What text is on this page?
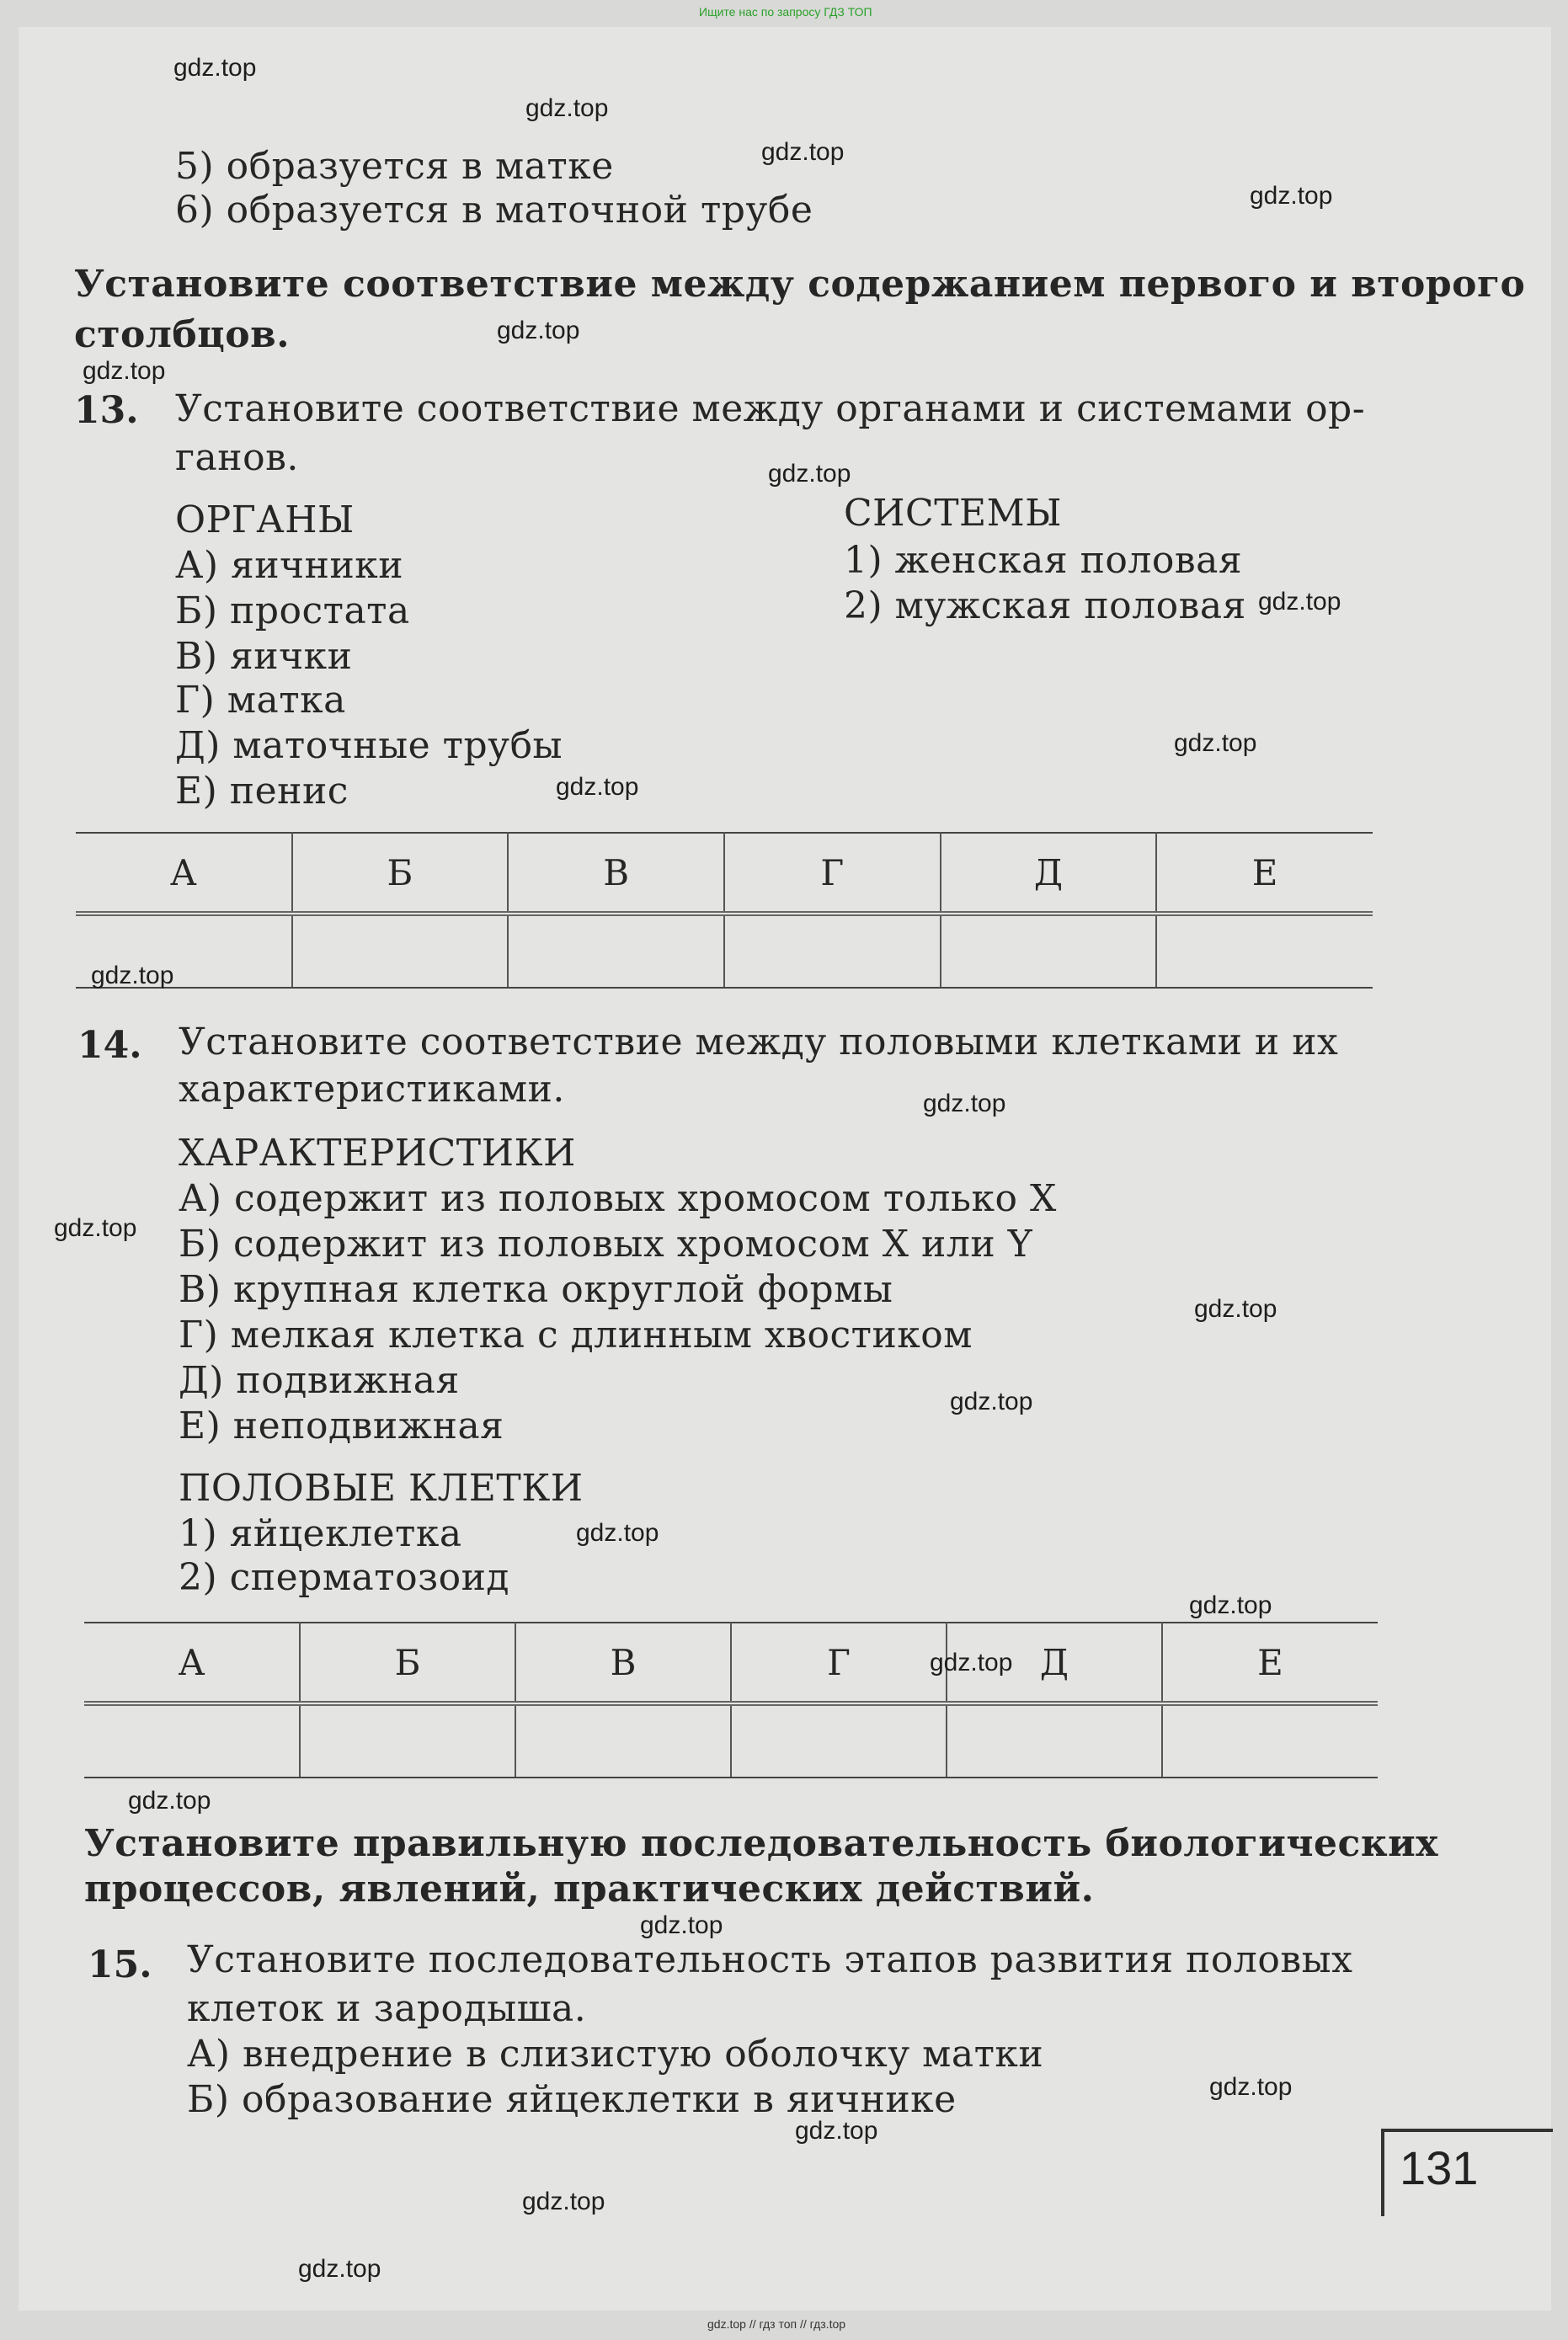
Ищите нас по запросу ГДЗ ТОП
5) образуется в матке
6) образуется в маточной трубе
Установите соответствие между содержанием первого и второго
столбцов.
13. Установите соответствие между органами и системами ор-
ганов.
ОРГАНЫ
А) яичники
Б) простата
В) яички
Г) матка
Д) маточные трубы
Е) пенис
СИСТЕМЫ
1) женская половая
2) мужская половая
А	Б	В	Г	Д	Е

14. Установите соответствие между половыми клетками и их
характеристиками.
ХАРАКТЕРИСТИКИ
А) содержит из половых хромосом только X
Б) содержит из половых хромосом X или Y
В) крупная клетка округлой формы
Г) мелкая клетка с длинным хвостиком
Д) подвижная
Е) неподвижная
ПОЛОВЫЕ КЛЕТКИ
1) яйцеклетка
2) сперматозоид
А	Б	В	Г	Д	Е

Установите правильную последовательность биологических
процессов, явлений, практических действий.
15. Установите последовательность этапов развития половых
клеток и зародыша.
А) внедрение в слизистую оболочку матки
Б) образование яйцеклетки в яичнике
131
gdz.top // гдз топ // гдз.top
gdz.top
gdz.top
gdz.top
gdz.top
gdz.top
gdz.top
gdz.top
gdz.top
gdz.top
gdz.top
gdz.top
gdz.top
gdz.top
gdz.top
gdz.top
gdz.top
gdz.top
gdz.top
gdz.top
gdz.top
gdz.top
gdz.top
gdz.top
gdz.top
